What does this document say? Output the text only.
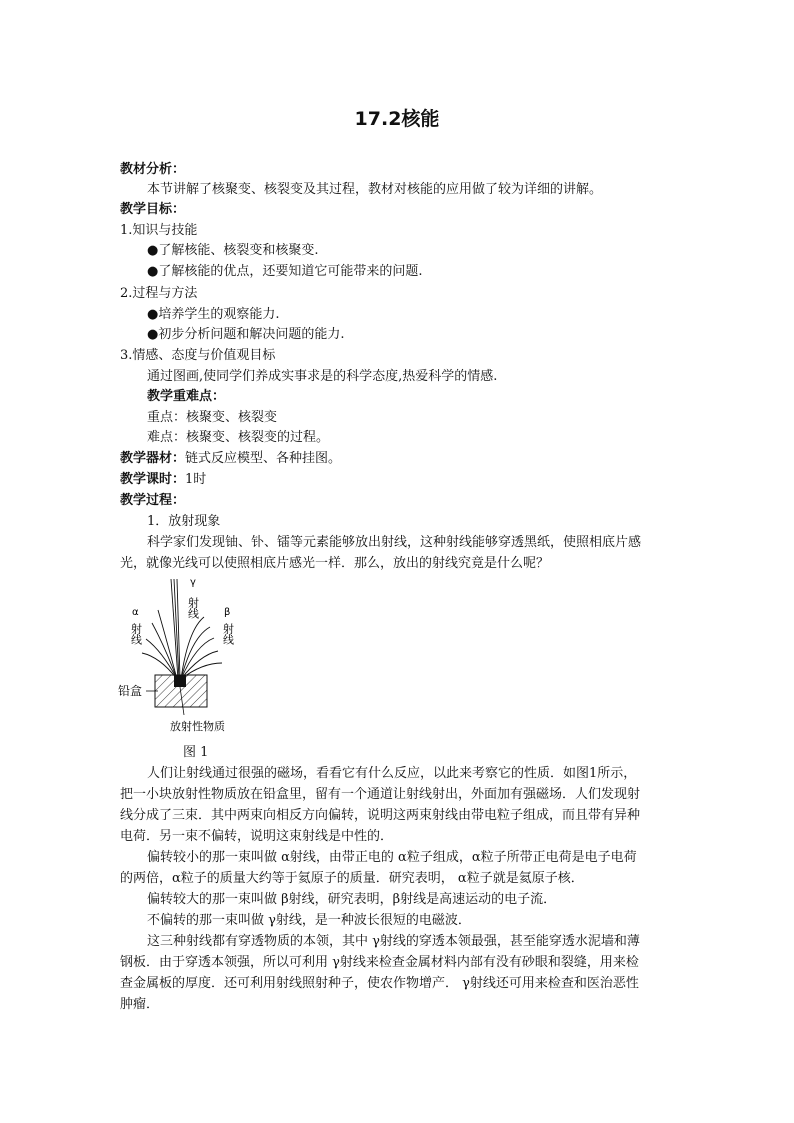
17.2核能
教材分析：
本节讲解了核聚变、核裂变及其过程，教材对核能的应用做了较为详细的讲解。
教学目标：
1.知识与技能
●了解核能、核裂变和核聚变.
●了解核能的优点，还要知道它可能带来的问题.
2.过程与方法
●培养学生的观察能力.
●初步分析问题和解决问题的能力.
3.情感、态度与价值观目标
通过图画,使同学们养成实事求是的科学态度,热爱科学的情感.
教学重难点：
重点：核聚变、核裂变
难点：核聚变、核裂变的过程。
教学器材：链式反应模型、各种挂图。
教学课时：1时
教学过程：
1．放射现象
科学家们发现铀、钋、镭等元素能够放出射线，这种射线能够穿透黑纸，使照相底片感
光，就像光线可以使照相底片感光一样．那么，放出的射线究竟是什么呢？
γ
射线
α
射线
β
射线
铅盒
放射性物质
图 1
人们让射线通过很强的磁场，看看它有什么反应，以此来考察它的性质．如图1所示，
把一小块放射性物质放在铅盒里，留有一个通道让射线射出，外面加有强磁场．人们发现射
线分成了三束．其中两束向相反方向偏转，说明这两束射线由带电粒子组成，而且带有异种
电荷．另一束不偏转，说明这束射线是中性的．
偏转较小的那一束叫做 α射线，由带正电的 α粒子组成，α粒子所带正电荷是电子电荷
的两倍，α粒子的质量大约等于氦原子的质量．研究表明， α粒子就是氦原子核．
偏转较大的那一束叫做 β射线，研究表明，β射线是高速运动的电子流．
不偏转的那一束叫做 γ射线，是一种波长很短的电磁波．
这三种射线都有穿透物质的本领，其中 γ射线的穿透本领最强，甚至能穿透水泥墙和薄
钢板．由于穿透本领强，所以可利用 γ射线来检查金属材料内部有没有砂眼和裂缝，用来检
查金属板的厚度．还可利用射线照射种子，使农作物增产． γ射线还可用来检查和医治恶性
肿瘤．
